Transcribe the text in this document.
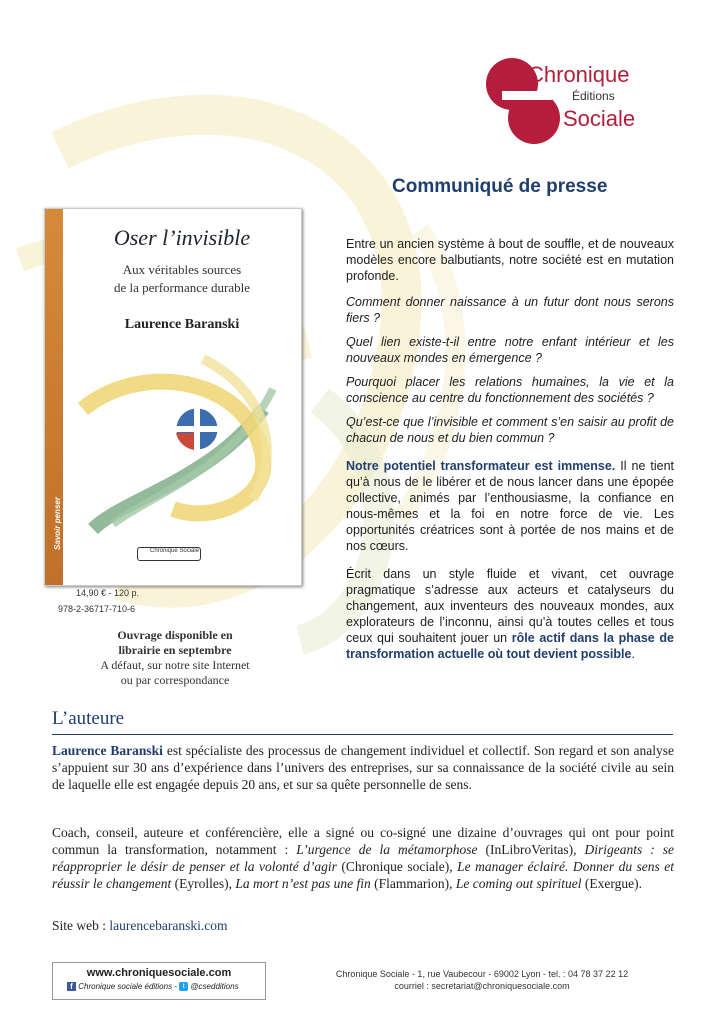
Chronique
Éditions
Sociale
Communiqué de presse
Savoir penser
Oser l’invisible
Aux véritables sources
de la performance durable
Laurence Baranski
Chronique Sociale
14,90 € - 120 p.
978-2-36717-710-6
Ouvrage disponible en
librairie en septembre
A défaut, sur notre site Internet
ou par correspondance
Entre un ancien système à bout de souffle, et de nouveaux modèles encore balbutiants, notre société est en mutation profonde.
Comment donner naissance à un futur dont nous serons fiers ?
Quel lien existe-t-il entre notre enfant intérieur et les nouveaux mondes en émergence ?
Pourquoi placer les relations humaines, la vie et la conscience au centre du fonctionnement des sociétés ?
Qu’est-ce que l’invisible et comment s’en saisir au profit de chacun de nous et du bien commun ?
Notre potentiel transformateur est immense. Il ne tient qu’à nous de le libérer et de nous lancer dans une épopée collective, animés par l’enthousiasme, la confiance en nous-mêmes et la foi en notre force de vie. Les opportunités créatrices sont à portée de nos mains et de nos cœurs.
Écrit dans un style fluide et vivant, cet ouvrage pragmatique s’adresse aux acteurs et catalyseurs du changement, aux inventeurs des nouveaux mondes, aux explorateurs de l’inconnu, ainsi qu’à toutes celles et tous ceux qui souhaitent jouer un rôle actif dans la phase de transformation actuelle où tout devient possible.
L’auteure
Laurence Baranski est spécialiste des processus de changement individuel et collectif. Son regard et son analyse s’appuient sur 30 ans d’expérience dans l’univers des entreprises, sur sa connaissance de la société civile au sein de laquelle elle est engagée depuis 20 ans, et sur sa quête personnelle de sens.
Coach, conseil, auteure et conférencière, elle a signé ou co-signé une dizaine d’ouvrages qui ont pour point commun la transformation, notamment : L’urgence de la métamorphose (InLibroVeritas), Dirigeants : se réapproprier le désir de penser et la volonté d’agir (Chronique sociale), Le manager éclairé. Donner du sens et réussir le changement (Eyrolles), La mort n’est pas une fin (Flammarion), Le coming out spirituel (Exergue).
Site web : laurencebaranski.com
www.chroniquesociale.com
f Chronique sociale éditions - t @csedditions
Chronique Sociale - 1, rue Vaubecour - 69002 Lyon - tel. : 04 78 37 22 12
courriel : secretariat@chroniquesociale.com
